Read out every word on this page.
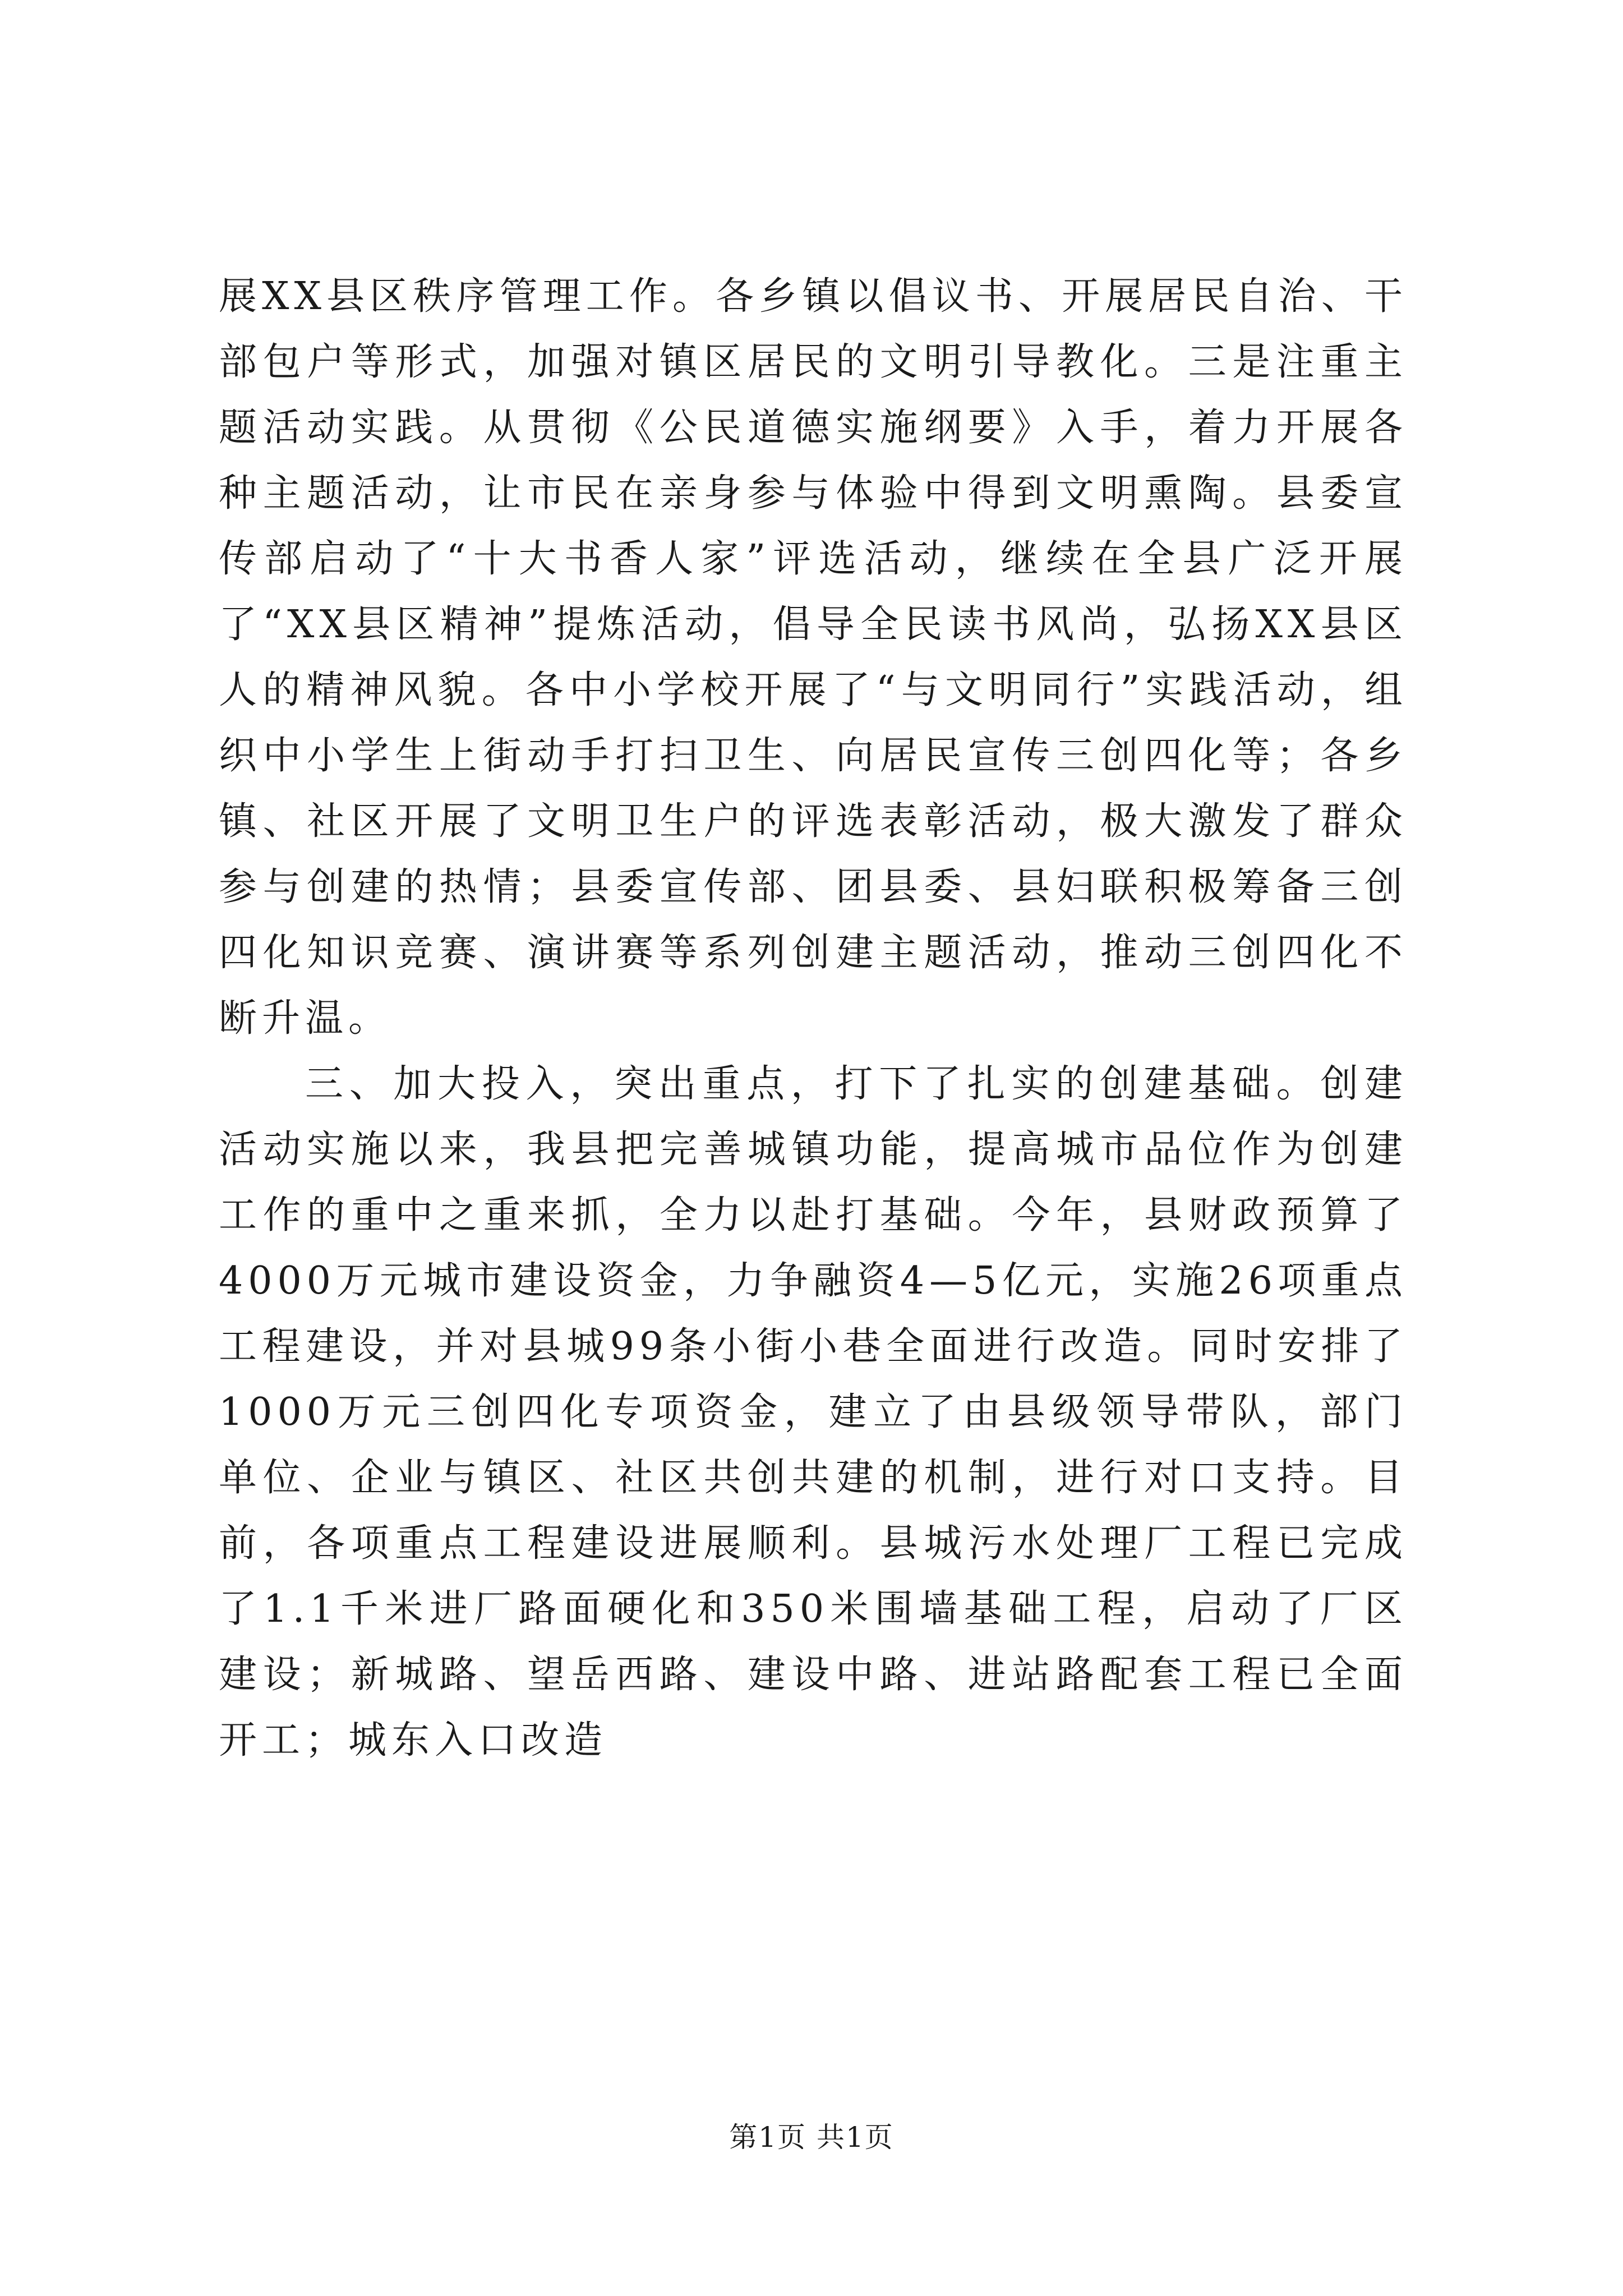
展XX县区秩序管理工作。各乡镇以倡议书、开展居民自治、干部包户等形式，加强对镇区居民的文明引导教化。三是注重主题活动实践。从贯彻《公民道德实施纲要》入手，着力开展各种主题活动，让市民在亲身参与体验中得到文明熏陶。县委宣传部启动了“十大书香人家”评选活动，继续在全县广泛开展了“XX县区精神”提炼活动，倡导全民读书风尚，弘扬XX县区人的精神风貌。各中小学校开展了“与文明同行”实践活动，组织中小学生上街动手打扫卫生、向居民宣传三创四化等；各乡镇、社区开展了文明卫生户的评选表彰活动，极大激发了群众参与创建的热情；县委宣传部、团县委、县妇联积极筹备三创四化知识竞赛、演讲赛等系列创建主题活动，推动三创四化不断升温。

三、加大投入，突出重点，打下了扎实的创建基础。创建活动实施以来，我县把完善城镇功能，提高城市品位作为创建工作的重中之重来抓，全力以赴打基础。今年，县财政预算了4000万元城市建设资金，力争融资4—5亿元，实施26项重点工程建设，并对县城99条小街小巷全面进行改造。同时安排了1000万元三创四化专项资金，建立了由县级领导带队，部门单位、企业与镇区、社区共创共建的机制，进行对口支持。目前，各项重点工程建设进展顺利。县城污水处理厂工程已完成了1.1千米进厂路面硬化和350米围墙基础工程，启动了厂区建设；新城路、望岳西路、建设中路、进站路配套工程已全面开工；城东入口改造

第1页 共1页
